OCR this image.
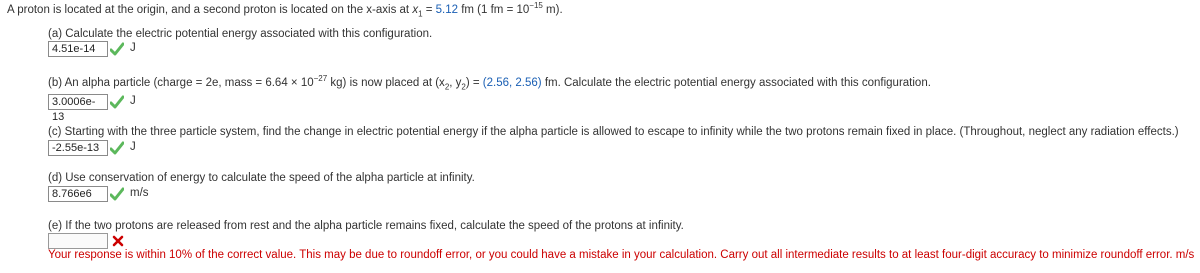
A proton is located at the origin, and a second proton is located on the x-axis at $x_1 = 5.12$ fm (1 fm = $10^{-15}$ m).
(a) Calculate the electric potential energy associated with this configuration.
4.51e-14	J
(b) An alpha particle (charge = 2e, mass = $6.64 \times 10^{-27}$ kg) is now placed at ($x_2$, $y_2) = (2.56$, 2.56) fm. Calculate the electric potential energy associated with this configuration.
3.0006e-13
J
(c) Starting with the three particle system, find the change in electric potential energy if the alpha particle is allowed to escape to infinity while the two protons remain fixed in place. (Throughout, neglect any radiation effects.)
-2.55e-13	J
(d) Use conservation of energy to calculate the speed of the alpha particle at infinity.
8.766e6	m/s
(e) If the two protons are released from rest and the alpha particle remains fixed, calculate the speed of the protons at infinity.
Your response is within 10% of the correct value. This may be due to roundoff error, or you could have a mistake in your calculation. Carry out all intermediate results to at least four-digit accuracy to minimize roundoff error. m/s
